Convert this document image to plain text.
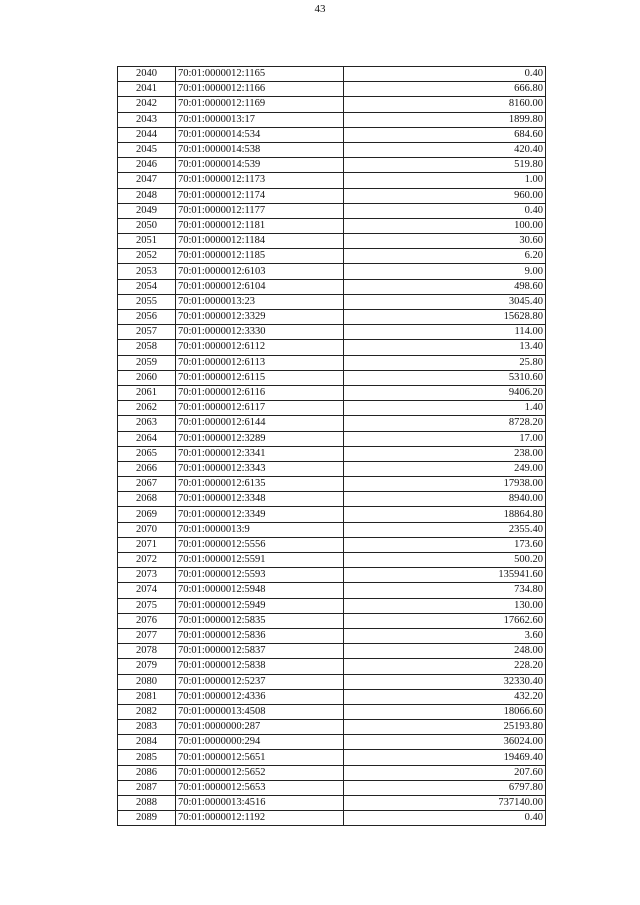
43
2040	70:01:0000012:1165	0.40
2041	70:01:0000012:1166	666.80
2042	70:01:0000012:1169	8160.00
2043	70:01:0000013:17	1899.80
2044	70:01:0000014:534	684.60
2045	70:01:0000014:538	420.40
2046	70:01:0000014:539	519.80
2047	70:01:0000012:1173	1.00
2048	70:01:0000012:1174	960.00
2049	70:01:0000012:1177	0.40
2050	70:01:0000012:1181	100.00
2051	70:01:0000012:1184	30.60
2052	70:01:0000012:1185	6.20
2053	70:01:0000012:6103	9.00
2054	70:01:0000012:6104	498.60
2055	70:01:0000013:23	3045.40
2056	70:01:0000012:3329	15628.80
2057	70:01:0000012:3330	114.00
2058	70:01:0000012:6112	13.40
2059	70:01:0000012:6113	25.80
2060	70:01:0000012:6115	5310.60
2061	70:01:0000012:6116	9406.20
2062	70:01:0000012:6117	1.40
2063	70:01:0000012:6144	8728.20
2064	70:01:0000012:3289	17.00
2065	70:01:0000012:3341	238.00
2066	70:01:0000012:3343	249.00
2067	70:01:0000012:6135	17938.00
2068	70:01:0000012:3348	8940.00
2069	70:01:0000012:3349	18864.80
2070	70:01:0000013:9	2355.40
2071	70:01:0000012:5556	173.60
2072	70:01:0000012:5591	500.20
2073	70:01:0000012:5593	135941.60
2074	70:01:0000012:5948	734.80
2075	70:01:0000012:5949	130.00
2076	70:01:0000012:5835	17662.60
2077	70:01:0000012:5836	3.60
2078	70:01:0000012:5837	248.00
2079	70:01:0000012:5838	228.20
2080	70:01:0000012:5237	32330.40
2081	70:01:0000012:4336	432.20
2082	70:01:0000013:4508	18066.60
2083	70:01:0000000:287	25193.80
2084	70:01:0000000:294	36024.00
2085	70:01:0000012:5651	19469.40
2086	70:01:0000012:5652	207.60
2087	70:01:0000012:5653	6797.80
2088	70:01:0000013:4516	737140.00
2089	70:01:0000012:1192	0.40
